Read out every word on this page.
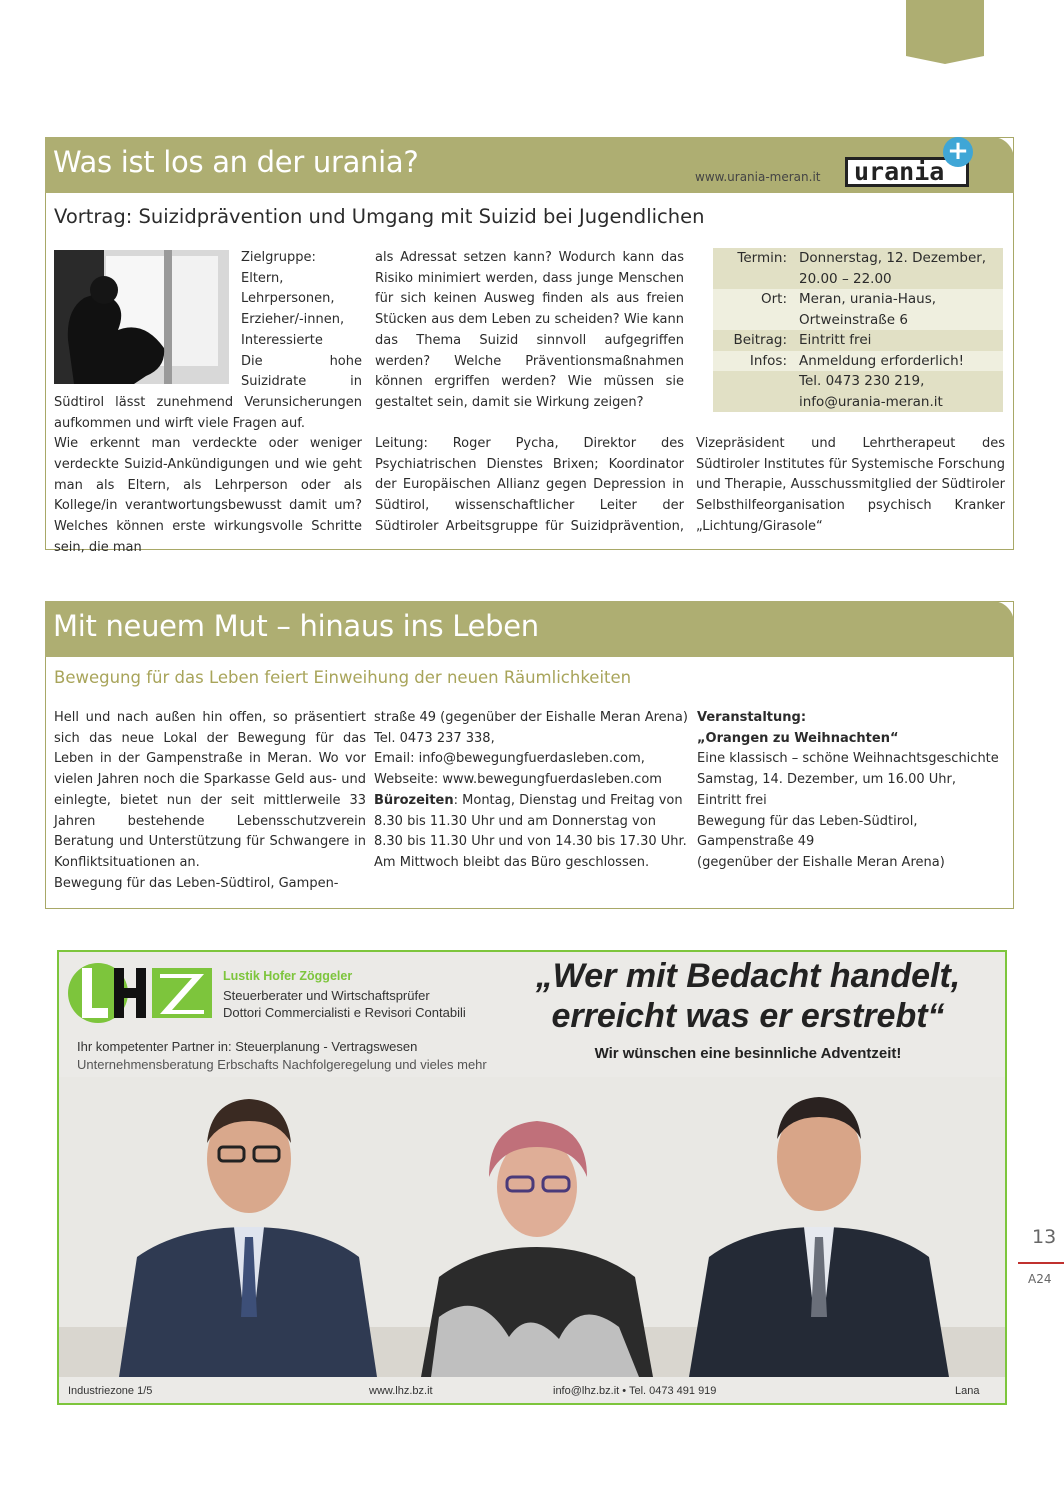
Was ist los an der urania?	www.urania-meran.it	urania
+
Vortrag: Suizidprävention und Umgang mit Suizid bei Jugendlichen

Zielgruppe: Eltern, Lehrpersonen, Erzieher/-innen, Interessierte
Die hohe Suizidrate in Südtirol lässt zunehmend Verunsicherungen aufkommen und wirft viele Fragen auf.
Wie erkennt man verdeckte oder weniger verdeckte Suizid-Ankündigungen und wie geht man als Eltern, als Lehrperson oder als Kollege/in verantwortungsbewusst damit um? Welches können erste wirkungsvolle Schritte sein, die man

als Adressat setzen kann? Wodurch kann das Risiko minimiert werden, dass junge Menschen für sich keinen Ausweg finden als aus freien Stücken aus dem Leben zu scheiden? Wie kann das Thema Suizid sinnvoll aufgegriffen werden? Welche Präventionsmaßnahmen können ergriffen werden? Wie müssen sie gestaltet sein, damit sie Wirkung zeigen?

Leitung: Roger Pycha, Direktor des Psychiatrischen Dienstes Brixen; Koordinator der Europäischen Allianz gegen Depression in Südtirol, wissenschaftlicher Leiter der Südtiroler Arbeitsgruppe für Suizidprävention, Vizepräsident und Lehrtherapeut des Südtiroler Institutes für Systemische Forschung und Therapie, Ausschussmitglied der Südtiroler Selbsthilfeorganisation psychisch Kranker „Lichtung/Girasole“

Termin:	Donnerstag, 12. Dezember,
20.00 – 22.00
Ort:	Meran, urania-Haus,
Ortweinstraße 6
Beitrag:	Eintritt frei
Infos:	Anmeldung erforderlich!
	Tel. 0473 230 219,
info@urania-meran.it
Mit neuem Mut – hinaus ins Leben
Bewegung für das Leben feiert Einweihung der neuen Räumlichkeiten

Hell und nach außen hin offen, so präsentiert sich das neue Lokal der Bewegung für das Leben in der Gampenstraße in Meran. Wo vor vielen Jahren noch die Sparkasse Geld aus- und einlegte, bietet nun der seit mittlerweile 33 Jahren bestehende Lebensschutzverein Beratung und Unterstützung für Schwangere in Konfliktsituationen an.
Bewegung für das Leben-Südtirol, Gampen-

straße 49 (gegenüber der Eishalle Meran Arena)
Tel. 0473 237 338,
Email: info@bewegungfuerdasleben.com,
Webseite: www.bewegungfuerdasleben.com

Bürozeiten: Montag, Dienstag und Freitag von 8.30 bis 11.30 Uhr und am Donnerstag von 8.30 bis 11.30 Uhr und von 14.30 bis 17.30 Uhr.
Am Mittwoch bleibt das Büro geschlossen.

Veranstaltung:

„Orangen zu Weihnachten“

Eine klassisch – schöne Weihnachtsgeschichte
Samstag, 14. Dezember, um 16.00 Uhr,
Eintritt frei
Bewegung für das Leben-Südtirol,
Gampenstraße 49
(gegenüber der Eishalle Meran Arena)

Lustik Hofer Zöggeler
Steuerberater und Wirtschaftsprüfer
Dottori Commercialisti e Revisori Contabili
Ihr kompetenter Partner in: Steuerplanung - Vertragswesen
Unternehmensberatung Erbschafts Nachfolgeregelung und vieles mehr
„Wer mit Bedacht handelt, erreicht was er erstrebt“
Wir wünschen eine besinnliche Adventzeit!
Industriezone 1/5	www.lhz.bz.it	info@lhz.bz.it • Tel. 0473 491 919	Lana
13
A24
